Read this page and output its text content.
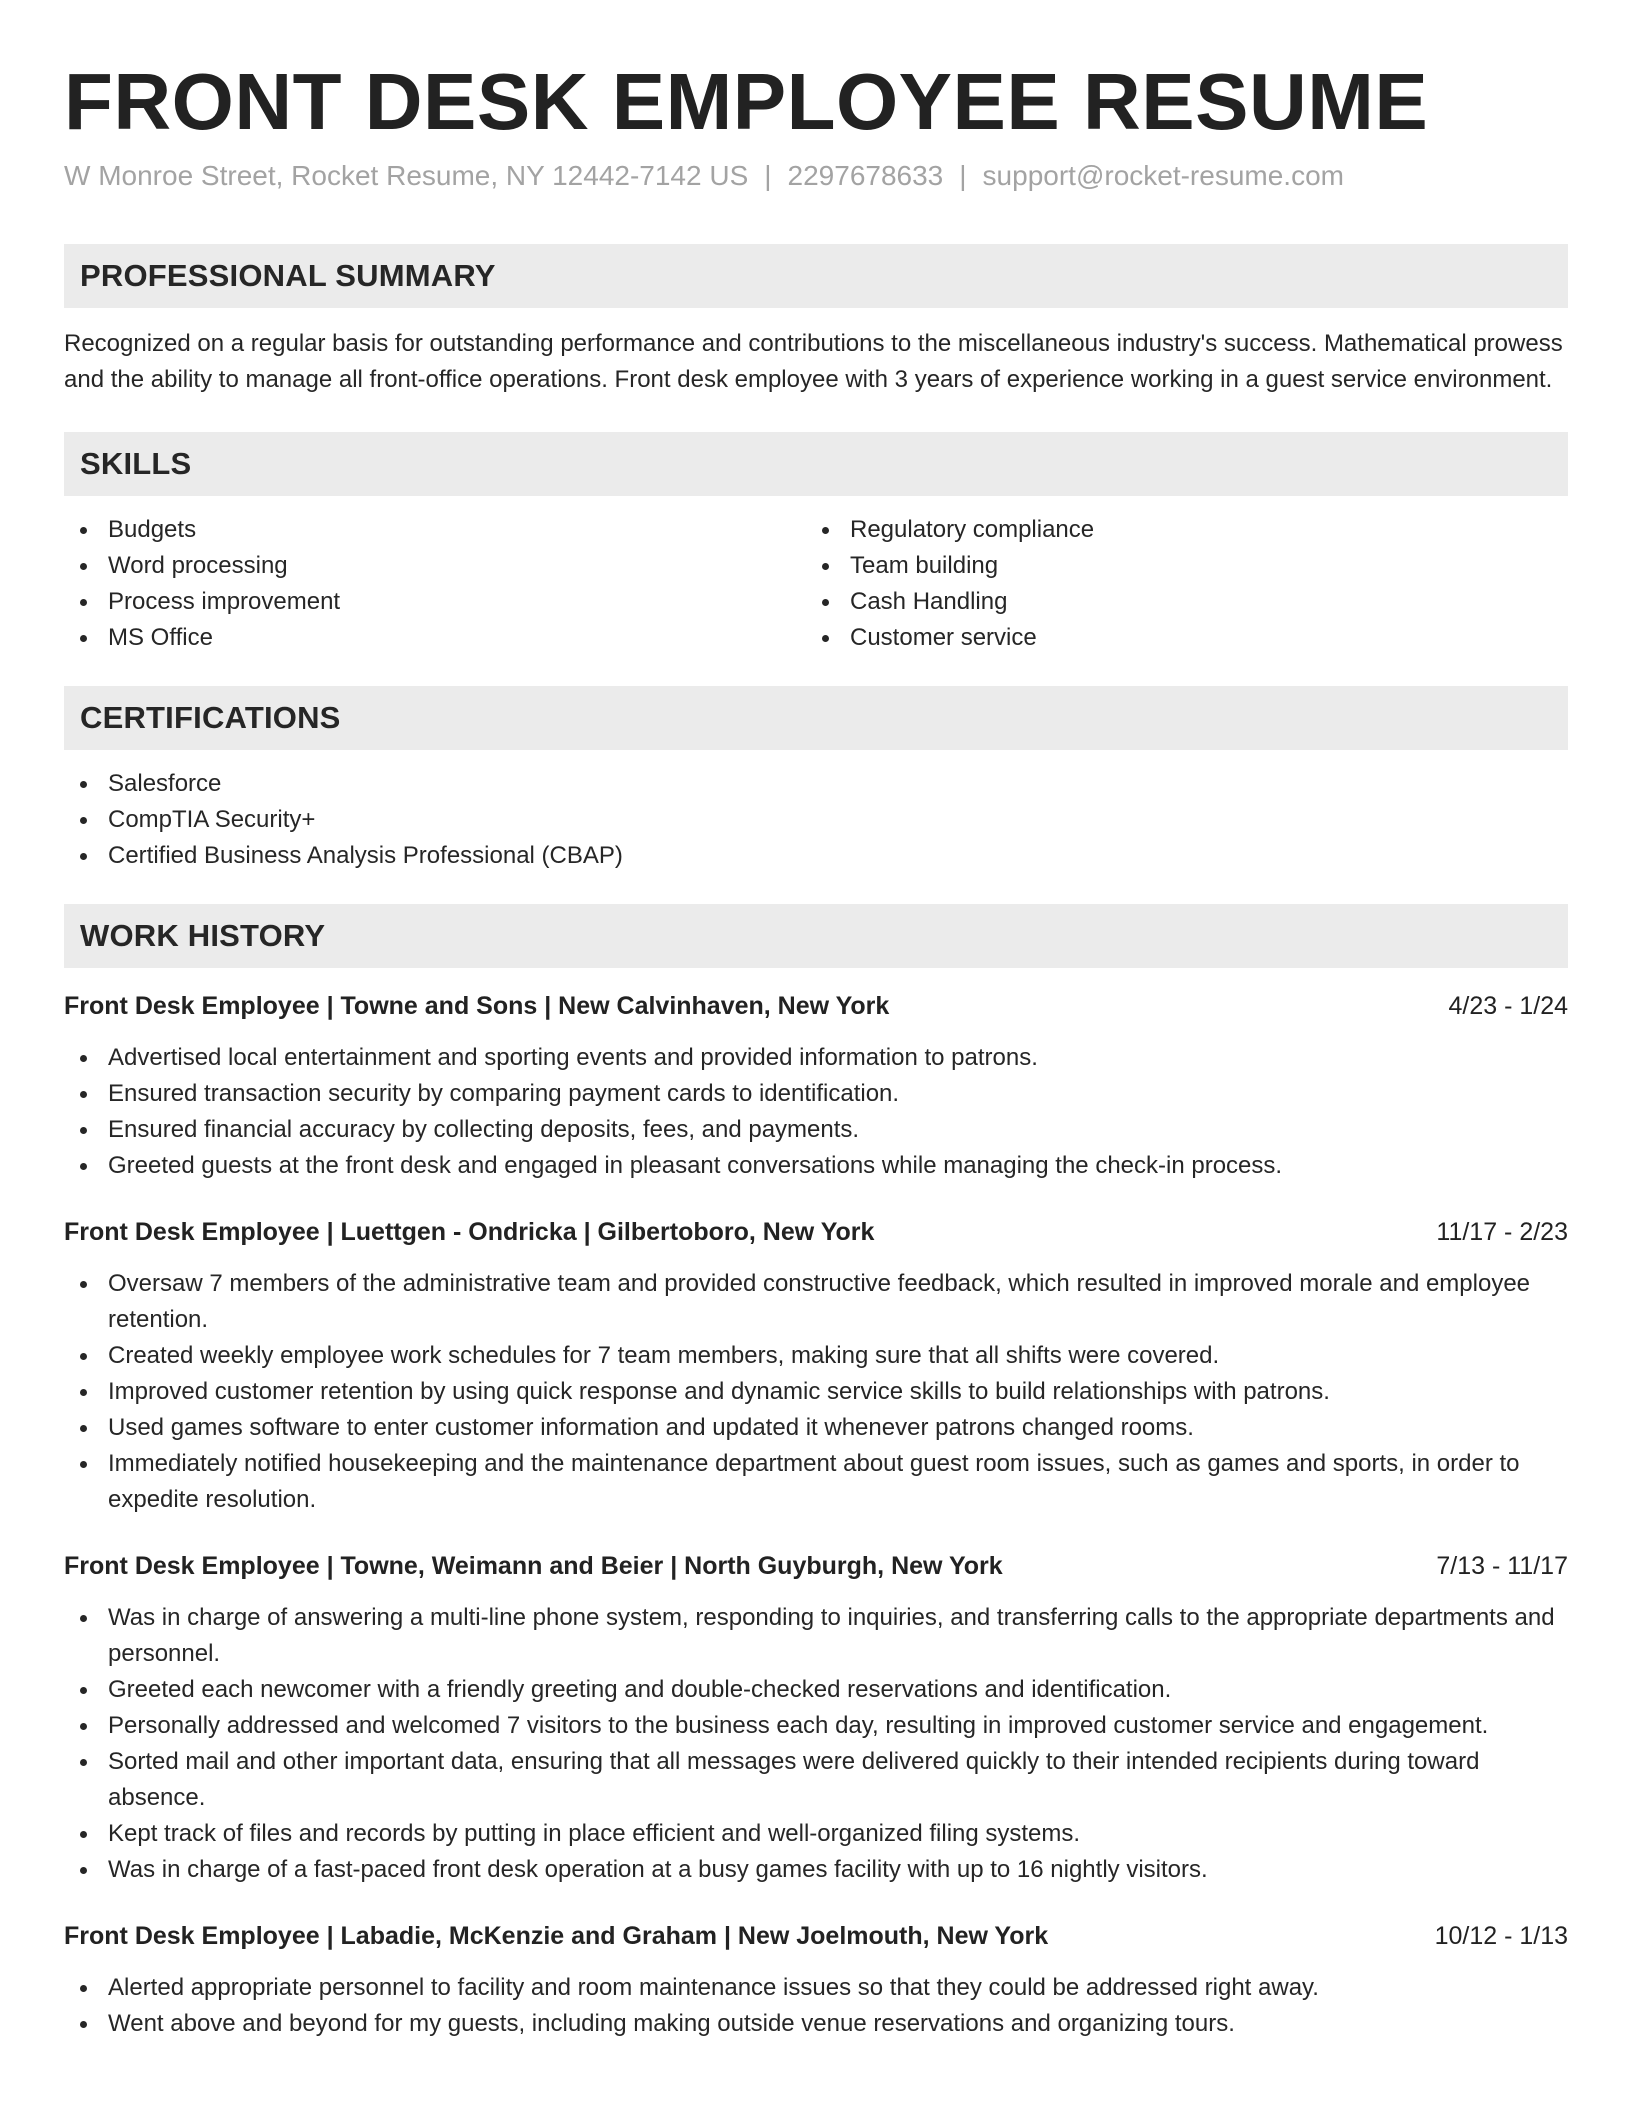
FRONT DESK EMPLOYEE RESUME
W Monroe Street, Rocket Resume, NY 12442-7142 US | 2297678633 | support@rocket-resume.com
PROFESSIONAL SUMMARY

Recognized on a regular basis for outstanding performance and contributions to the miscellaneous industry's success. Mathematical prowess and the ability to manage all front-office operations. Front desk employee with 3 years of experience working in a guest service environment.

SKILLS
Budgets
Word processing
Process improvement
MS Office
Regulatory compliance
Team building
Cash Handling
Customer service
CERTIFICATIONS
Salesforce
CompTIA Security+
Certified Business Analysis Professional (CBAP)
WORK HISTORY
Front Desk Employee | Towne and Sons | New Calvinhaven, New York	4/23 - 1/24
Advertised local entertainment and sporting events and provided information to patrons.
Ensured transaction security by comparing payment cards to identification.
Ensured financial accuracy by collecting deposits, fees, and payments.
Greeted guests at the front desk and engaged in pleasant conversations while managing the check-in process.
Front Desk Employee | Luettgen - Ondricka | Gilbertoboro, New York	11/17 - 2/23
Oversaw 7 members of the administrative team and provided constructive feedback, which resulted in improved morale and employee retention.
Created weekly employee work schedules for 7 team members, making sure that all shifts were covered.
Improved customer retention by using quick response and dynamic service skills to build relationships with patrons.
Used games software to enter customer information and updated it whenever patrons changed rooms.
Immediately notified housekeeping and the maintenance department about guest room issues, such as games and sports, in order to expedite resolution.
Front Desk Employee | Towne, Weimann and Beier | North Guyburgh, New York	7/13 - 11/17
Was in charge of answering a multi-line phone system, responding to inquiries, and transferring calls to the appropriate departments and personnel.
Greeted each newcomer with a friendly greeting and double-checked reservations and identification.
Personally addressed and welcomed 7 visitors to the business each day, resulting in improved customer service and engagement.
Sorted mail and other important data, ensuring that all messages were delivered quickly to their intended recipients during toward absence.
Kept track of files and records by putting in place efficient and well-organized filing systems.
Was in charge of a fast-paced front desk operation at a busy games facility with up to 16 nightly visitors.
Front Desk Employee | Labadie, McKenzie and Graham | New Joelmouth, New York	10/12 - 1/13
Alerted appropriate personnel to facility and room maintenance issues so that they could be addressed right away.
Went above and beyond for my guests, including making outside venue reservations and organizing tours.
